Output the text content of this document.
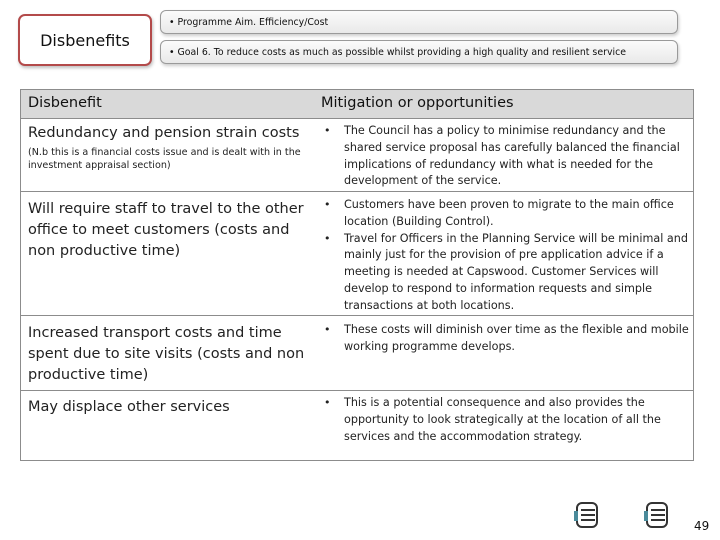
Disbenefits
• Programme Aim. Efficiency/Cost
• Goal 6. To reduce costs as much as possible whilst providing a high quality and resilient service
Disbenefit	Mitigation or opportunities
Redundancy and pension strain costs
(N.b this is a financial costs issue and is dealt with in the investment appraisal section)
• The Council has a policy to minimise redundancy and the shared service proposal has carefully balanced the financial implications of redundancy with what is needed for the development of the service.
Will require staff to travel to the other office to meet customers (costs and non productive time)
• Customers have been proven to migrate to the main office location (Building Control).
• Travel for Officers in the Planning Service will be minimal and mainly just for the provision of pre application advice if a meeting is needed at Capswood. Customer Services will develop to respond to information requests and simple transactions at both locations.
Increased transport costs and time spent due to site visits (costs and non productive time)
• These costs will diminish over time as the flexible and mobile working programme develops.
May displace other services
•	This is a potential consequence and also provides the opportunity to look strategically at the location of all the services and the accommodation strategy.
49
